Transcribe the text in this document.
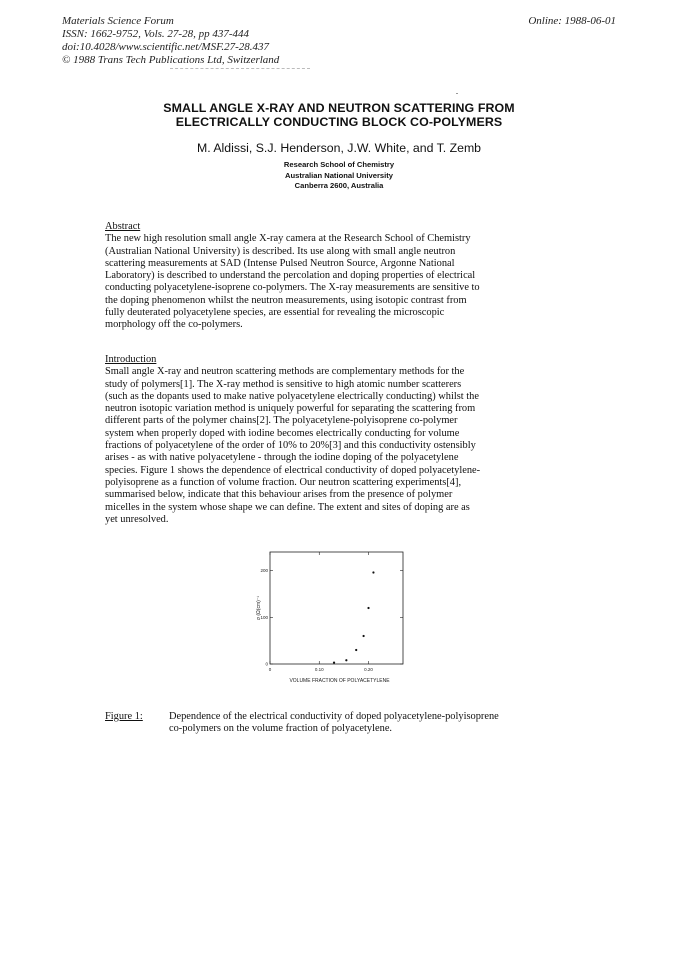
Materials Science Forum
ISSN: 1662-9752, Vols. 27-28, pp 437-444
doi:10.4028/www.scientific.net/MSF.27-28.437
© 1988 Trans Tech Publications Ltd, Switzerland
Online: 1988-06-01
SMALL ANGLE X-RAY AND NEUTRON SCATTERING FROM
ELECTRICALLY CONDUCTING BLOCK CO-POLYMERS
M. Aldissi, S.J. Henderson, J.W. White, and T. Zemb
Research School of Chemistry
Australian National University
Canberra 2600, Australia
Abstract
The new high resolution small angle X-ray camera at the Research School of Chemistry
(Australian National University) is described. Its use along with small angle neutron
scattering measurements at SAD (Intense Pulsed Neutron Source, Argonne National
Laboratory) is described to understand the percolation and doping properties of electrical
conducting polyacetylene-isoprene co-polymers. The X-ray measurements are sensitive to
the doping phenomenon whilst the neutron measurements, using isotopic contrast from
fully deuterated polyacetylene species, are essential for revealing the microscopic
morphology off the co-polymers.
Introduction
Small angle X-ray and neutron scattering methods are complementary methods for the
study of polymers[1]. The X-ray method is sensitive to high atomic number scatterers
(such as the dopants used to make native polyacetylene electrically conducting) whilst the
neutron isotopic variation method is uniquely powerful for separating the scattering from
different parts of the polymer chains[2]. The polyacetylene-polyisoprene co-polymer
system when properly doped with iodine becomes electrically conducting for volume
fractions of polyacetylene of the order of 10% to 20%[3] and this conductivity ostensibly
arises - as with native polyacetylene - through the iodine doping of the polyacetylene
species. Figure 1 shows the dependence of electrical conductivity of doped polyacetylene-
polyisoprene as a function of volume fraction. Our neutron scattering experiments[4],
summarised below, indicate that this behaviour arises from the presence of polymer
micelles in the system whose shape we can define. The extent and sites of doping are as
yet unresolved.
0	0.10	0.20
0
100
200
VOLUME FRACTION OF POLYACETYLENE
σ (Ω(cm)⁻¹
Figure 1:	Dependence of the electrical conductivity of doped polyacetylene-polyisoprene
co-polymers on the volume fraction of polyacetylene.
